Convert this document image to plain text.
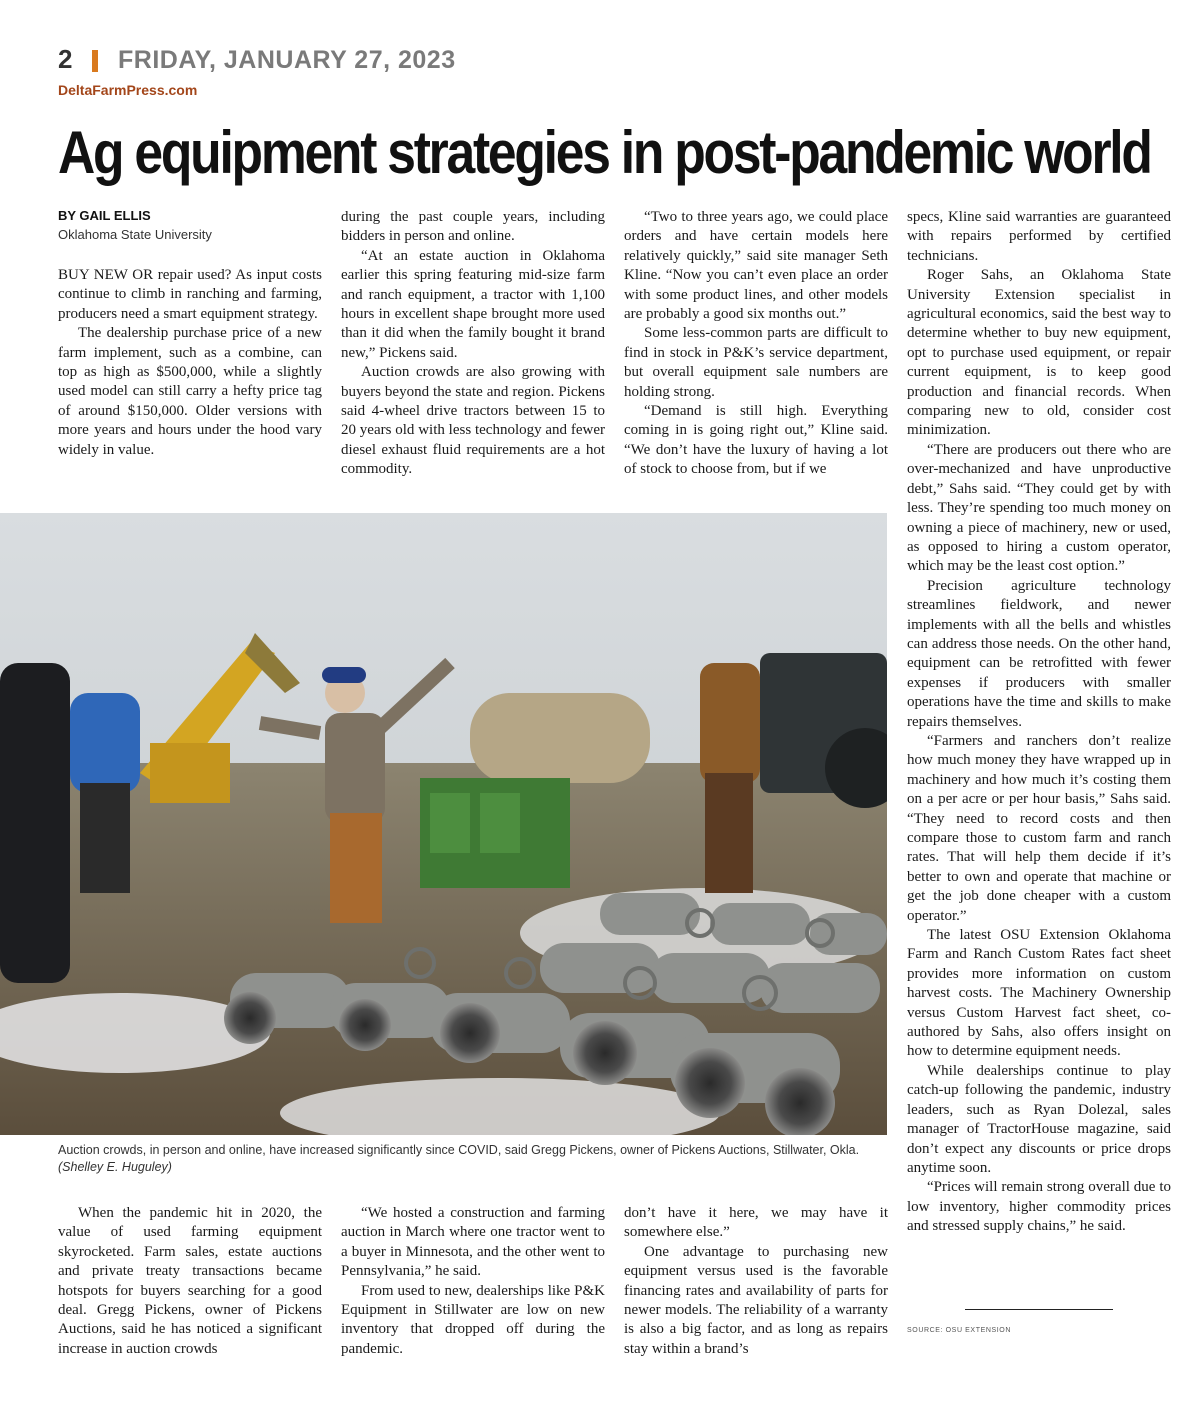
2 FRIDAY, JANUARY 27, 2023
DeltaFarmPress.com
Ag equipment strategies in post-pandemic world
BY GAIL ELLIS
Oklahoma State University

BUY NEW OR repair used? As input costs continue to climb in ranching and farming, producers need a smart equipment strategy.

The dealership purchase price of a new farm implement, such as a combine, can top as high as $500,000, while a slightly used model can still carry a hefty price tag of around $150,000. Older versions with more years and hours under the hood vary widely in value.

during the past couple years, including bidders in person and online.

“At an estate auction in Oklahoma earlier this spring featuring mid-size farm and ranch equipment, a tractor with 1,100 hours in excellent shape brought more used than it did when the family bought it brand new,” Pickens said.

Auction crowds are also growing with buyers beyond the state and region. Pickens said 4-wheel drive tractors between 15 to 20 years old with less technology and fewer diesel exhaust fluid requirements are a hot commodity.

“Two to three years ago, we could place orders and have certain models here relatively quickly,” said site manager Seth Kline. “Now you can’t even place an order with some product lines, and other models are probably a good six months out.”

Some less-common parts are difficult to find in stock in P&K’s service department, but overall equipment sale numbers are holding strong.

“Demand is still high. Everything coming in is going right out,” Kline said. “We don’t have the luxury of having a lot of stock to choose from, but if we

specs, Kline said warranties are guaranteed with repairs performed by certified technicians.

Roger Sahs, an Oklahoma State University Extension specialist in agricultural economics, said the best way to determine whether to buy new equipment, opt to purchase used equipment, or repair current equipment, is to keep good production and financial records. When comparing new to old, consider cost minimization.

“There are producers out there who are over-mechanized and have unproductive debt,” Sahs said. “They could get by with less. They’re spending too much money on owning a piece of machinery, new or used, as opposed to hiring a custom operator, which may be the least cost option.”

Precision agriculture technology streamlines fieldwork, and newer implements with all the bells and whistles can address those needs. On the other hand, equipment can be retrofitted with fewer expenses if producers with smaller operations have the time and skills to make repairs themselves.

“Farmers and ranchers don’t realize how much money they have wrapped up in machinery and how much it’s costing them on a per acre or per hour basis,” Sahs said. “They need to record costs and then compare those to custom farm and ranch rates. That will help them decide if it’s better to own and operate that machine or get the job done cheaper with a custom operator.”

The latest OSU Extension Oklahoma Farm and Ranch Custom Rates fact sheet provides more information on custom harvest costs. The Machinery Ownership versus Custom Harvest fact sheet, co-authored by Sahs, also offers insight on how to determine equipment needs.

While dealerships continue to play catch-up following the pandemic, industry leaders, such as Ryan Dolezal, sales manager of TractorHouse magazine, said don’t expect any discounts or price drops anytime soon.

“Prices will remain strong overall due to low inventory, higher commodity prices and stressed supply chains,” he said.

Auction crowds, in person and online, have increased significantly since COVID, said Gregg Pickens, owner of Pickens Auctions, Stillwater, Okla. (Shelley E. Huguley)

When the pandemic hit in 2020, the value of used farming equipment skyrocketed. Farm sales, estate auctions and private treaty transactions became hotspots for buyers searching for a good deal. Gregg Pickens, owner of Pickens Auctions, said he has noticed a significant increase in auction crowds

“We hosted a construction and farming auction in March where one tractor went to a buyer in Minnesota, and the other went to Pennsylvania,” he said.

From used to new, dealerships like P&K Equipment in Stillwater are low on new inventory that dropped off during the pandemic.

don’t have it here, we may have it somewhere else.”

One advantage to purchasing new equipment versus used is the favorable financing rates and availability of parts for newer models. The reliability of a warranty is also a big factor, and as long as repairs stay within a brand’s

SOURCE: OSU EXTENSION
